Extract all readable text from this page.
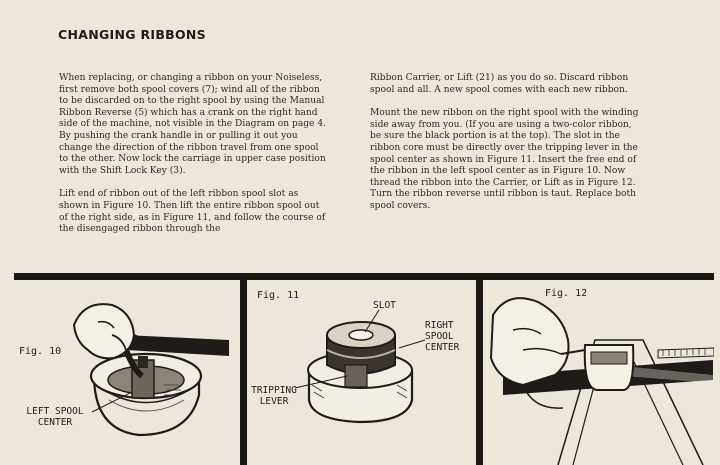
CHANGING RIBBONS

When replacing, or changing a ribbon on your Noiseless, first remove both spool covers (7); wind all of the ribbon to be discarded on to the right spool by using the Manual Ribbon Reverse (5) which has a crank on the right hand side of the machine, not visible in the Diagram on page 4. By pushing the crank handle in or pulling it out you change the direction of the ribbon travel from one spool to the other. Now lock the carriage in upper case position with the Shift Lock Key (3).

Lift end of ribbon out of the left ribbon spool slot as shown in Figure 10. Then lift the entire ribbon spool out of the right side, as in Figure 11, and follow the course of the disengaged ribbon through the

Ribbon Carrier, or Lift (21) as you do so. Discard ribbon spool and all. A new spool comes with each new ribbon.

Mount the new ribbon on the right spool with the winding side away from you. (If you are using a two-color ribbon, be sure the black portion is at the top). The slot in the ribbon core must be directly over the tripping lever in the spool center as shown in Figure 11. Insert the free end of the ribbon in the left spool center as in Figure 10. Now thread the ribbon into the Carrier, or Lift as in Figure 12. Turn the ribbon reverse until ribbon is taut. Replace both spool covers.

Fig. 10
LEFT SPOOL
CENTER
Fig. 11
SLOT
RIGHT
SPOOL
CENTER
TRIPPING
LEVER
Fig. 12
